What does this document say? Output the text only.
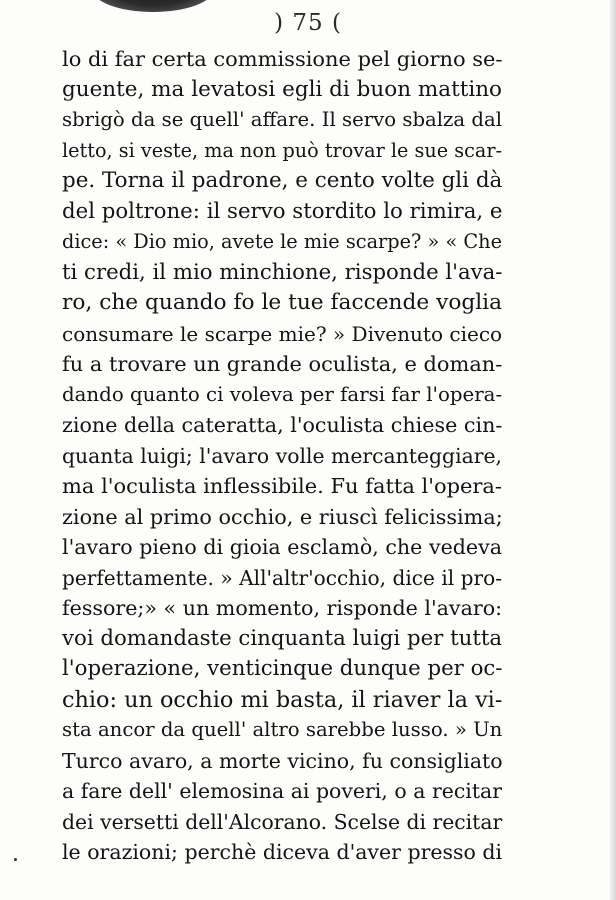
) 75 (
lo di far certa commissione pel giorno se-
guente, ma levatosi egli di buon mattino
sbrigò da se quell' affare. Il servo sbalza dal
letto, si veste, ma non può trovar le sue scar-
pe. Torna il padrone, e cento volte gli dà
del poltrone: il servo stordito lo rimira, e
dice: « Dio mio, avete le mie scarpe? » « Che
ti credi, il mio minchione, risponde l'ava-
ro, che quando fo le tue faccende voglia
consumare le scarpe mie? » Divenuto cieco
fu a trovare un grande oculista, e doman-
dando quanto ci voleva per farsi far l'opera-
zione della cateratta, l'oculista chiese cin-
quanta luigi; l'avaro volle mercanteggiare,
ma l'oculista inflessibile. Fu fatta l'opera-
zione al primo occhio, e riuscì felicissima;
l'avaro pieno di gioia esclamò, che vedeva
perfettamente. » All'altr'occhio, dice il pro-
fessore;» « un momento, risponde l'avaro:
voi domandaste cinquanta luigi per tutta
l'operazione, venticinque dunque per oc-
chio: un occhio mi basta, il riaver la vi-
sta ancor da quell' altro sarebbe lusso. » Un
Turco avaro, a morte vicino, fu consigliato
a fare dell' elemosina ai poveri, o a recitar
dei versetti dell'Alcorano. Scelse di recitar
le orazioni; perchè diceva d'aver presso di
